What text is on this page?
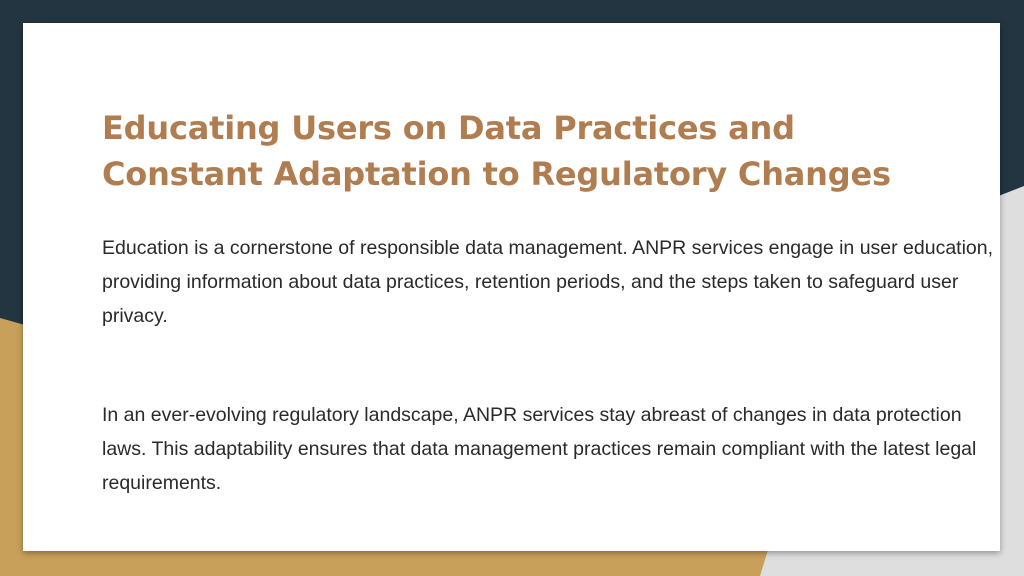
Educating Users on Data Practices and Constant Adaptation to Regulatory Changes

Education is a cornerstone of responsible data management. ANPR services engage in user education, providing information about data practices, retention periods, and the steps taken to safeguard user privacy.

In an ever-evolving regulatory landscape, ANPR services stay abreast of changes in data protection laws. This adaptability ensures that data management practices remain compliant with the latest legal requirements.
